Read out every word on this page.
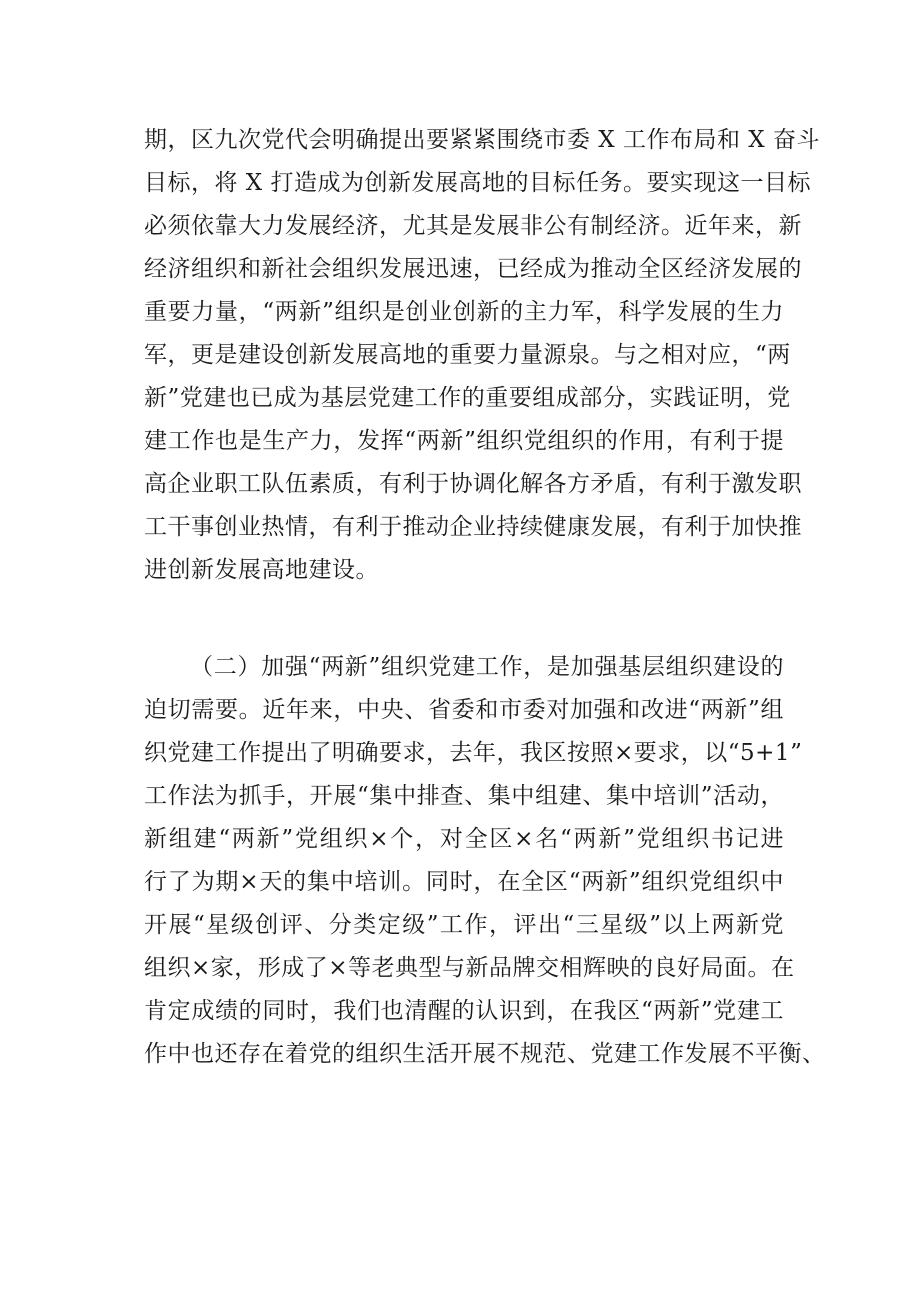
期，区九次党代会明确提出要紧紧围绕市委 X 工作布局和 X 奋斗
目标，将 X 打造成为创新发展高地的目标任务。要实现这一目标
必须依靠大力发展经济，尤其是发展非公有制经济。近年来，新
经济组织和新社会组织发展迅速，已经成为推动全区经济发展的
重要力量，“两新”组织是创业创新的主力军，科学发展的生力
军，更是建设创新发展高地的重要力量源泉。与之相对应，“两
新”党建也已成为基层党建工作的重要组成部分，实践证明，党
建工作也是生产力，发挥“两新”组织党组织的作用，有利于提
高企业职工队伍素质，有利于协调化解各方矛盾，有利于激发职
工干事创业热情，有利于推动企业持续健康发展，有利于加快推
进创新发展高地建设。
（二）加强“两新”组织党建工作，是加强基层组织建设的
迫切需要。近年来，中央、省委和市委对加强和改进“两新”组
织党建工作提出了明确要求，去年，我区按照×要求，以“5+1”
工作法为抓手，开展“集中排查、集中组建、集中培训”活动，
新组建“两新”党组织×个，对全区×名“两新”党组织书记进
行了为期×天的集中培训。同时，在全区“两新”组织党组织中
开展“星级创评、分类定级”工作，评出“三星级”以上两新党
组织×家，形成了×等老典型与新品牌交相辉映的良好局面。在
肯定成绩的同时，我们也清醒的认识到，在我区“两新”党建工
作中也还存在着党的组织生活开展不规范、党建工作发展不平衡、
